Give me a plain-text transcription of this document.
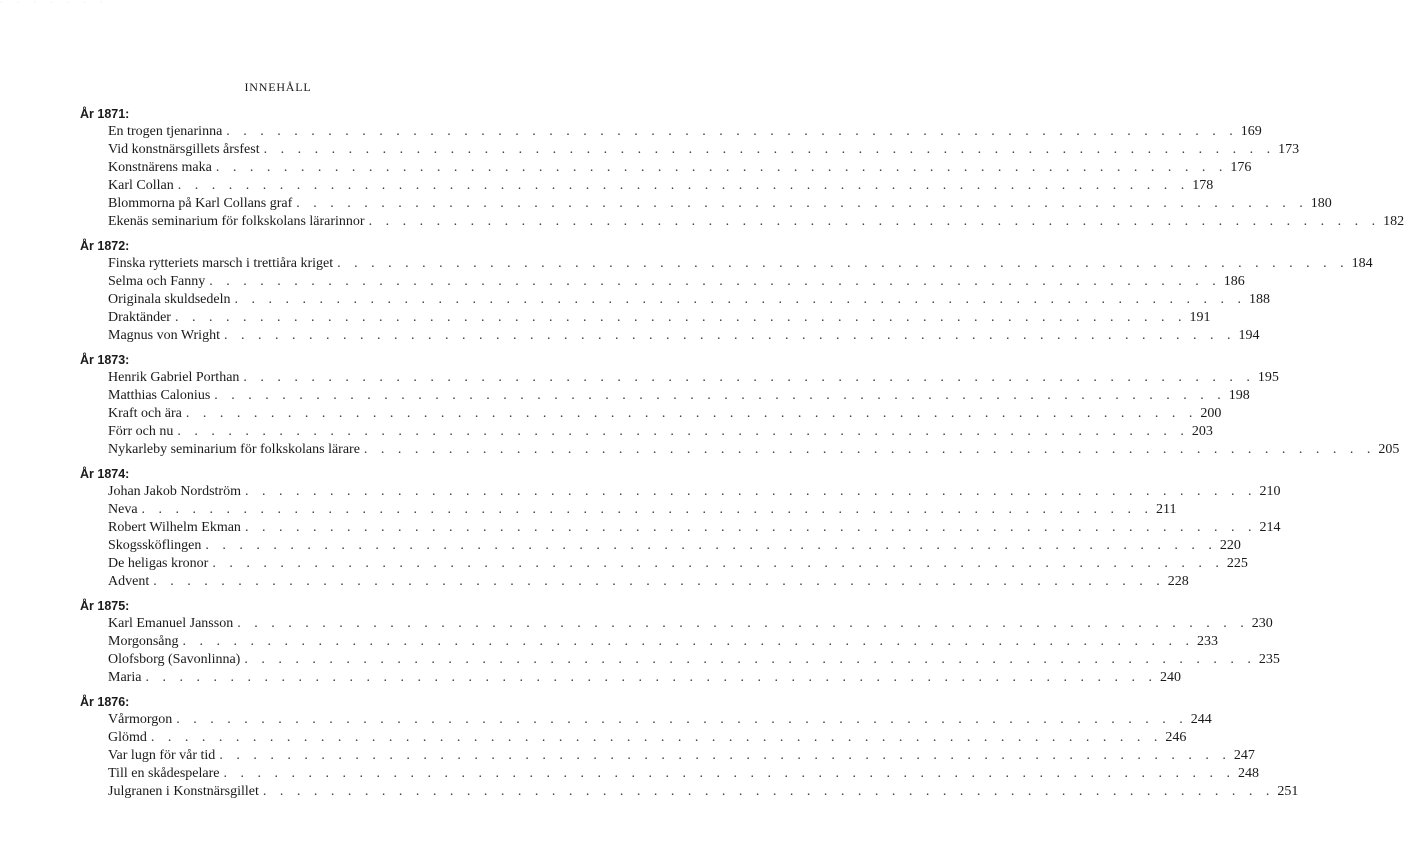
· · · · · · ·
INNEHÅLL
År 1871:
En trogen tjenarinna . . . . . . . . . . . . . . . . . . . . . . . . . . . . . . . . . . . . . . . . . . . . . . . . . . . . . . . . . . . . 169
Vid konstnärsgillets årsfest . . . . . . . . . . . . . . . . . . . . . . . . . . . . . . . . . . . . . . . . . . . . . . . . . . . . . . . . . . . . 173
Konstnärens maka . . . . . . . . . . . . . . . . . . . . . . . . . . . . . . . . . . . . . . . . . . . . . . . . . . . . . . . . . . . . 176
Karl Collan . . . . . . . . . . . . . . . . . . . . . . . . . . . . . . . . . . . . . . . . . . . . . . . . . . . . . . . . . . . . 178
Blommorna på Karl Collans graf . . . . . . . . . . . . . . . . . . . . . . . . . . . . . . . . . . . . . . . . . . . . . . . . . . . . . . . . . . . . 180
Ekenäs seminarium för folkskolans lärarinnor . . . . . . . . . . . . . . . . . . . . . . . . . . . . . . . . . . . . . . . . . . . . . . . . . . . . . . . . . . . . 182
År 1872:
Finska rytteriets marsch i trettiåra kriget . . . . . . . . . . . . . . . . . . . . . . . . . . . . . . . . . . . . . . . . . . . . . . . . . . . . . . . . . . . . 184
Selma och Fanny . . . . . . . . . . . . . . . . . . . . . . . . . . . . . . . . . . . . . . . . . . . . . . . . . . . . . . . . . . . . 186
Originala skuldsedeln . . . . . . . . . . . . . . . . . . . . . . . . . . . . . . . . . . . . . . . . . . . . . . . . . . . . . . . . . . . . 188
Draktänder . . . . . . . . . . . . . . . . . . . . . . . . . . . . . . . . . . . . . . . . . . . . . . . . . . . . . . . . . . . . 191
Magnus von Wright . . . . . . . . . . . . . . . . . . . . . . . . . . . . . . . . . . . . . . . . . . . . . . . . . . . . . . . . . . . . 194
År 1873:
Henrik Gabriel Porthan . . . . . . . . . . . . . . . . . . . . . . . . . . . . . . . . . . . . . . . . . . . . . . . . . . . . . . . . . . . . 195
Matthias Calonius . . . . . . . . . . . . . . . . . . . . . . . . . . . . . . . . . . . . . . . . . . . . . . . . . . . . . . . . . . . . 198
Kraft och ära . . . . . . . . . . . . . . . . . . . . . . . . . . . . . . . . . . . . . . . . . . . . . . . . . . . . . . . . . . . . 200
Förr och nu . . . . . . . . . . . . . . . . . . . . . . . . . . . . . . . . . . . . . . . . . . . . . . . . . . . . . . . . . . . . 203
Nykarleby seminarium för folkskolans lärare . . . . . . . . . . . . . . . . . . . . . . . . . . . . . . . . . . . . . . . . . . . . . . . . . . . . . . . . . . . . 205
År 1874:
Johan Jakob Nordström . . . . . . . . . . . . . . . . . . . . . . . . . . . . . . . . . . . . . . . . . . . . . . . . . . . . . . . . . . . . 210
Neva . . . . . . . . . . . . . . . . . . . . . . . . . . . . . . . . . . . . . . . . . . . . . . . . . . . . . . . . . . . . 211
Robert Wilhelm Ekman . . . . . . . . . . . . . . . . . . . . . . . . . . . . . . . . . . . . . . . . . . . . . . . . . . . . . . . . . . . . 214
Skogssköflingen . . . . . . . . . . . . . . . . . . . . . . . . . . . . . . . . . . . . . . . . . . . . . . . . . . . . . . . . . . . . 220
De heligas kronor . . . . . . . . . . . . . . . . . . . . . . . . . . . . . . . . . . . . . . . . . . . . . . . . . . . . . . . . . . . . 225
Advent . . . . . . . . . . . . . . . . . . . . . . . . . . . . . . . . . . . . . . . . . . . . . . . . . . . . . . . . . . . . 228
År 1875:
Karl Emanuel Jansson . . . . . . . . . . . . . . . . . . . . . . . . . . . . . . . . . . . . . . . . . . . . . . . . . . . . . . . . . . . . 230
Morgonsång . . . . . . . . . . . . . . . . . . . . . . . . . . . . . . . . . . . . . . . . . . . . . . . . . . . . . . . . . . . . 233
Olofsborg (Savonlinna) . . . . . . . . . . . . . . . . . . . . . . . . . . . . . . . . . . . . . . . . . . . . . . . . . . . . . . . . . . . . 235
Maria . . . . . . . . . . . . . . . . . . . . . . . . . . . . . . . . . . . . . . . . . . . . . . . . . . . . . . . . . . . . 240
År 1876:
Vårmorgon . . . . . . . . . . . . . . . . . . . . . . . . . . . . . . . . . . . . . . . . . . . . . . . . . . . . . . . . . . . . 244
Glömd . . . . . . . . . . . . . . . . . . . . . . . . . . . . . . . . . . . . . . . . . . . . . . . . . . . . . . . . . . . . 246
Var lugn för vår tid . . . . . . . . . . . . . . . . . . . . . . . . . . . . . . . . . . . . . . . . . . . . . . . . . . . . . . . . . . . . 247
Till en skådespelare . . . . . . . . . . . . . . . . . . . . . . . . . . . . . . . . . . . . . . . . . . . . . . . . . . . . . . . . . . . . 248
Julgranen i Konstnärsgillet . . . . . . . . . . . . . . . . . . . . . . . . . . . . . . . . . . . . . . . . . . . . . . . . . . . . . . . . . . . . 251
